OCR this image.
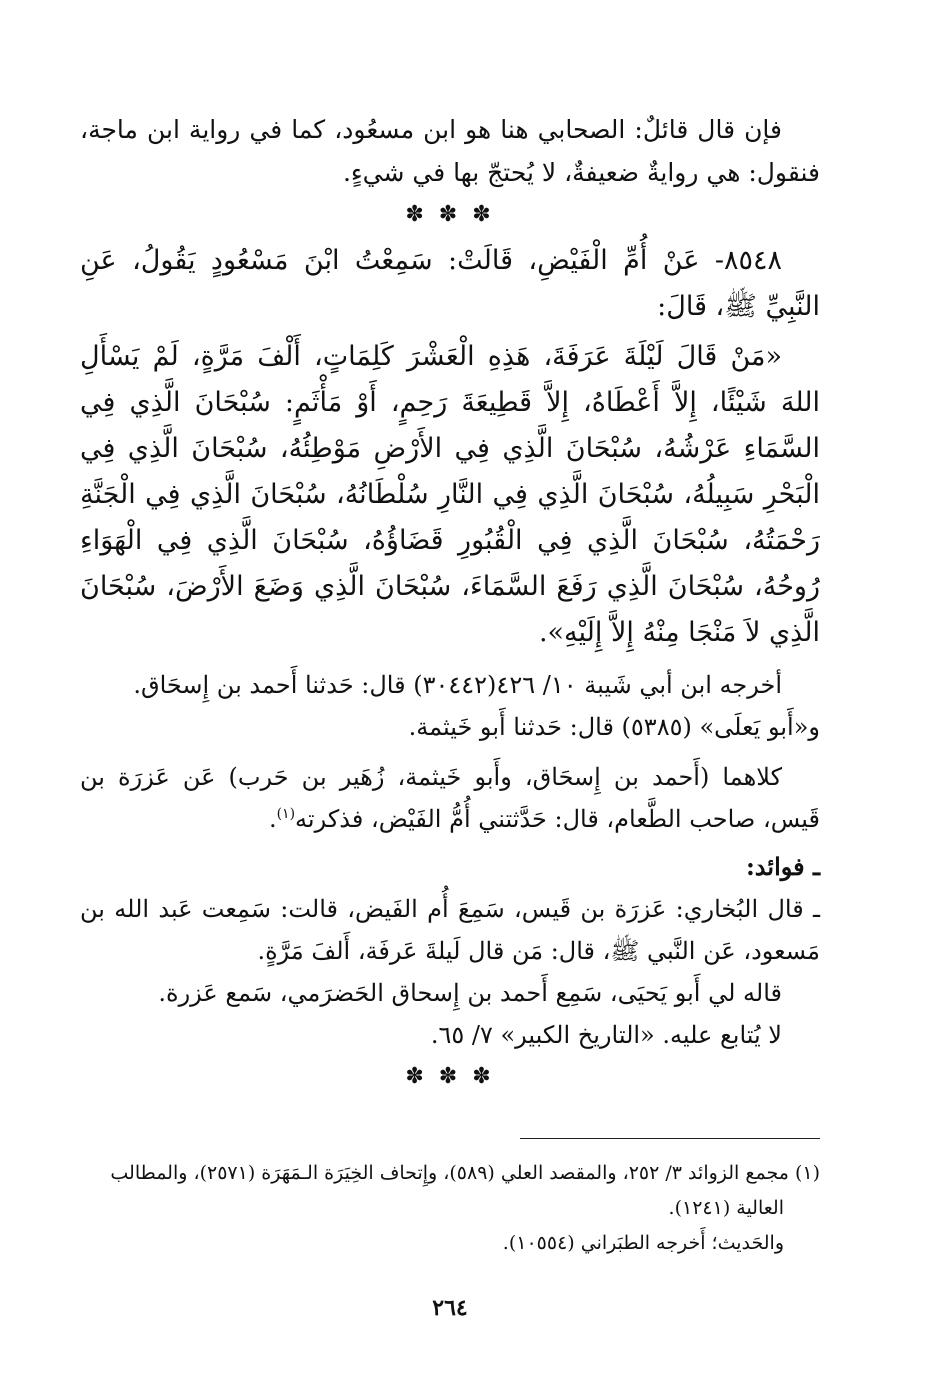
فإن قال قائلٌ: الصحابي هنا هو ابن مسعُود، كما في رواية ابن ماجة، فنقول: هي روايةٌ ضعيفةٌ، لا يُحتجّ بها في شيءٍ.

✽ ✽ ✽

٨٥٤٨- عَنْ أُمِّ الْفَيْضِ، قَالَتْ: سَمِعْتُ ابْنَ مَسْعُودٍ يَقُولُ، عَنِ النَّبِيِّ ﷺ، قَالَ:

«مَنْ قَالَ لَيْلَةَ عَرَفَةَ، هَذِهِ الْعَشْرَ كَلِمَاتٍ، أَلْفَ مَرَّةٍ، لَمْ يَسْأَلِ اللهَ شَيْئًا، إِلاَّ أَعْطَاهُ، إِلاَّ قَطِيعَةَ رَحِمٍ، أَوْ مَأْثَمٍ: سُبْحَانَ الَّذِي فِي السَّمَاءِ عَرْشُهُ، سُبْحَانَ الَّذِي فِي الأَرْضِ مَوْطِئُهُ، سُبْحَانَ الَّذِي فِي الْبَحْرِ سَبِيلُهُ، سُبْحَانَ الَّذِي فِي النَّارِ سُلْطَانُهُ، سُبْحَانَ الَّذِي فِي الْجَنَّةِ رَحْمَتُهُ، سُبْحَانَ الَّذِي فِي الْقُبُورِ قَضَاؤُهُ، سُبْحَانَ الَّذِي فِي الْهَوَاءِ رُوحُهُ، سُبْحَانَ الَّذِي رَفَعَ السَّمَاءَ، سُبْحَانَ الَّذِي وَضَعَ الأَرْضَ، سُبْحَانَ الَّذِي لاَ مَنْجَا مِنْهُ إِلاَّ إِلَيْهِ».

أخرجه ابن أبي شَيبة ١٠/ ٤٢٦(٣٠٤٤٢) قال: حَدثنا أَحمد بن إِسحَاق.

و«أَبو يَعلَى» (٥٣٨٥) قال: حَدثنا أَبو خَيثمة.

كلاهما (أَحمد بن إِسحَاق، وأَبو خَيثمة، زُهَير بن حَرب) عَن عَزرَة بن قَيس، صاحب الطَّعام، قال: حَدَّثتني أُمُّ الفَيْض، فذكرته$^{(١)}$.

ـ فوائد:

ـ قال البُخاري: عَزرَة بن قَيس، سَمِعَ أُم الفَيض، قالت: سَمِعت عَبد الله بن مَسعود، عَن النَّبي ﷺ، قال: مَن قال لَيلةَ عَرفَة، أَلفَ مَرَّةٍ.

قاله لي أَبو يَحيَى، سَمِع أَحمد بن إِسحاق الحَضرَمي، سَمع عَزرة.

لا يُتابع عليه. «التاريخ الكبير» ٧/ ٦٥.

✽ ✽ ✽

(١) مجمع الزوائد ٣/ ٢٥٢، والمقصد العلي (٥٨٩)، وإِتحاف الخِيَرَة الـمَهَرَة (٢٥٧١)، والمطالب

العالية (١٢٤١).

والحَديث؛ أَخرجه الطبَراني (١٠٥٥٤).

٢٦٤
